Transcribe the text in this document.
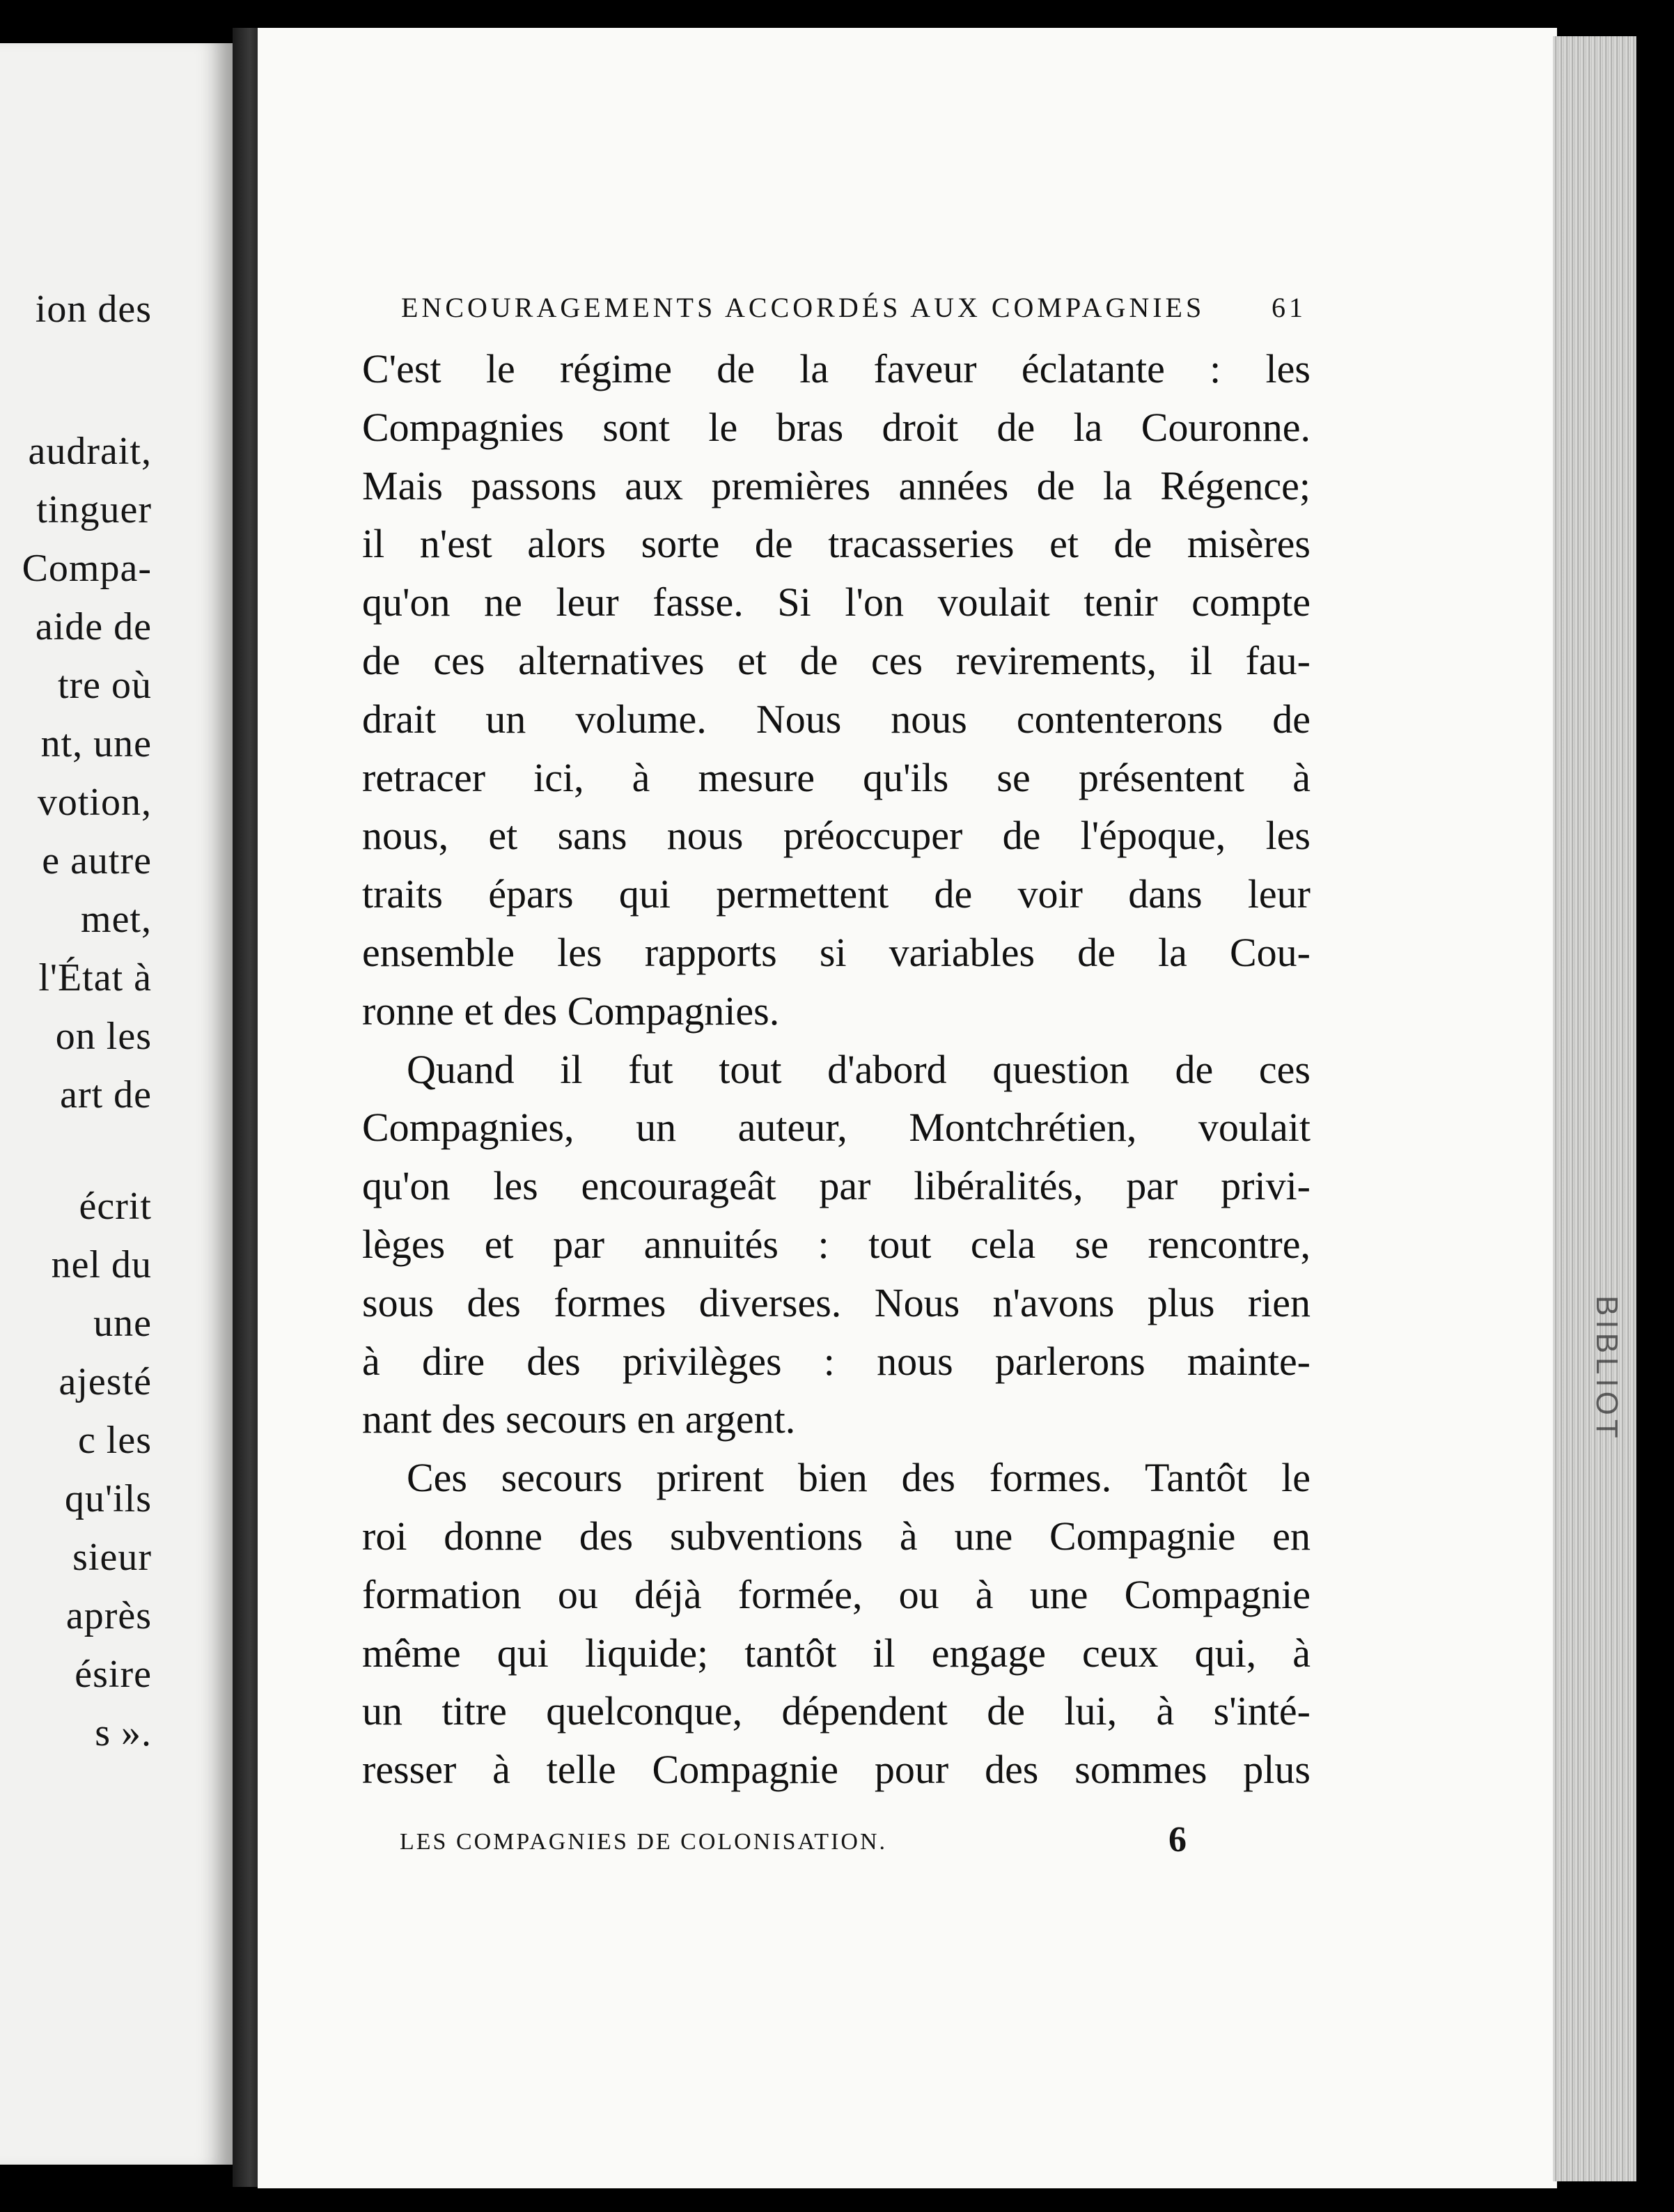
ion des
audrait,
tinguer
Compa-
aide de
tre où
nt, une
votion,
e autre
met,
l'État à
on les
art de
écrit
nel du
une
ajesté
c les
qu'ils
sieur
après
ésire
s ».
BIBLIOT
ENCOURAGEMENTS ACCORDÉS AUX COMPAGNIES 61
C'est le régime de la faveur éclatante : les
Compagnies sont le bras droit de la Couronne.
Mais passons aux premières années de la Régence;
il n'est alors sorte de tracasseries et de misères
qu'on ne leur fasse. Si l'on voulait tenir compte
de ces alternatives et de ces revirements, il fau-
drait un volume. Nous nous contenterons de
retracer ici, à mesure qu'ils se présentent à
nous, et sans nous préoccuper de l'époque, les
traits épars qui permettent de voir dans leur
ensemble les rapports si variables de la Cou-
ronne et des Compagnies.
Quand il fut tout d'abord question de ces
Compagnies, un auteur, Montchrétien, voulait
qu'on les encourageât par libéralités, par privi-
lèges et par annuités : tout cela se rencontre,
sous des formes diverses. Nous n'avons plus rien
à dire des privilèges : nous parlerons mainte-
nant des secours en argent.
Ces secours prirent bien des formes. Tantôt le
roi donne des subventions à une Compagnie en
formation ou déjà formée, ou à une Compagnie
même qui liquide; tantôt il engage ceux qui, à
un titre quelconque, dépendent de lui, à s'inté-
resser à telle Compagnie pour des sommes plus
LES COMPAGNIES DE COLONISATION.	6
